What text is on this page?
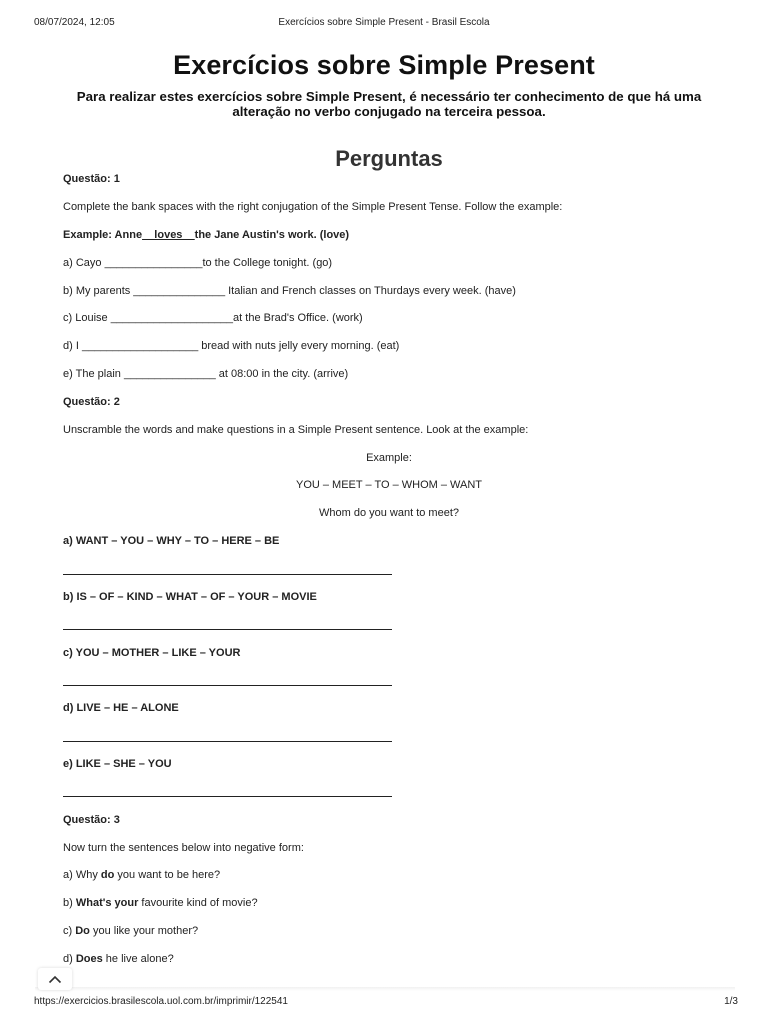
08/07/2024, 12:05	Exercícios sobre Simple Present - Brasil Escola
Exercícios sobre Simple Present

Para realizar estes exercícios sobre Simple Present, é necessário ter conhecimento de que há uma alteração no verbo conjugado na terceira pessoa.

Perguntas
Questão: 1
Complete the bank spaces with the right conjugation of the Simple Present Tense. Follow the example:
Example: Anne__loves__the Jane Austin's work. (love)
a) Cayo ________________to the College tonight. (go)
b) My parents _______________ Italian and French classes on Thurdays every week. (have)
c) Louise ____________________at the Brad's Office. (work)
d) I ___________________ bread with nuts jelly every morning. (eat)
e) The plain _______________ at 08:00 in the city. (arrive)
Questão: 2
Unscramble the words and make questions in a Simple Present sentence. Look at the example:
Example:
YOU – MEET – TO – WHOM – WANT
Whom do you want to meet?
a) WANT – YOU – WHY – TO – HERE – BE
b) IS – OF – KIND – WHAT – OF – YOUR – MOVIE
c) YOU – MOTHER – LIKE – YOUR
d) LIVE – HE – ALONE
e) LIKE – SHE – YOU
Questão: 3
Now turn the sentences below into negative form:
a) Why do you want to be here?
b) What's your favourite kind of movie?
c) Do you like your mother?
d) Does he live alone?
https://exercicios.brasilescola.uol.com.br/imprimir/122541	1/3
